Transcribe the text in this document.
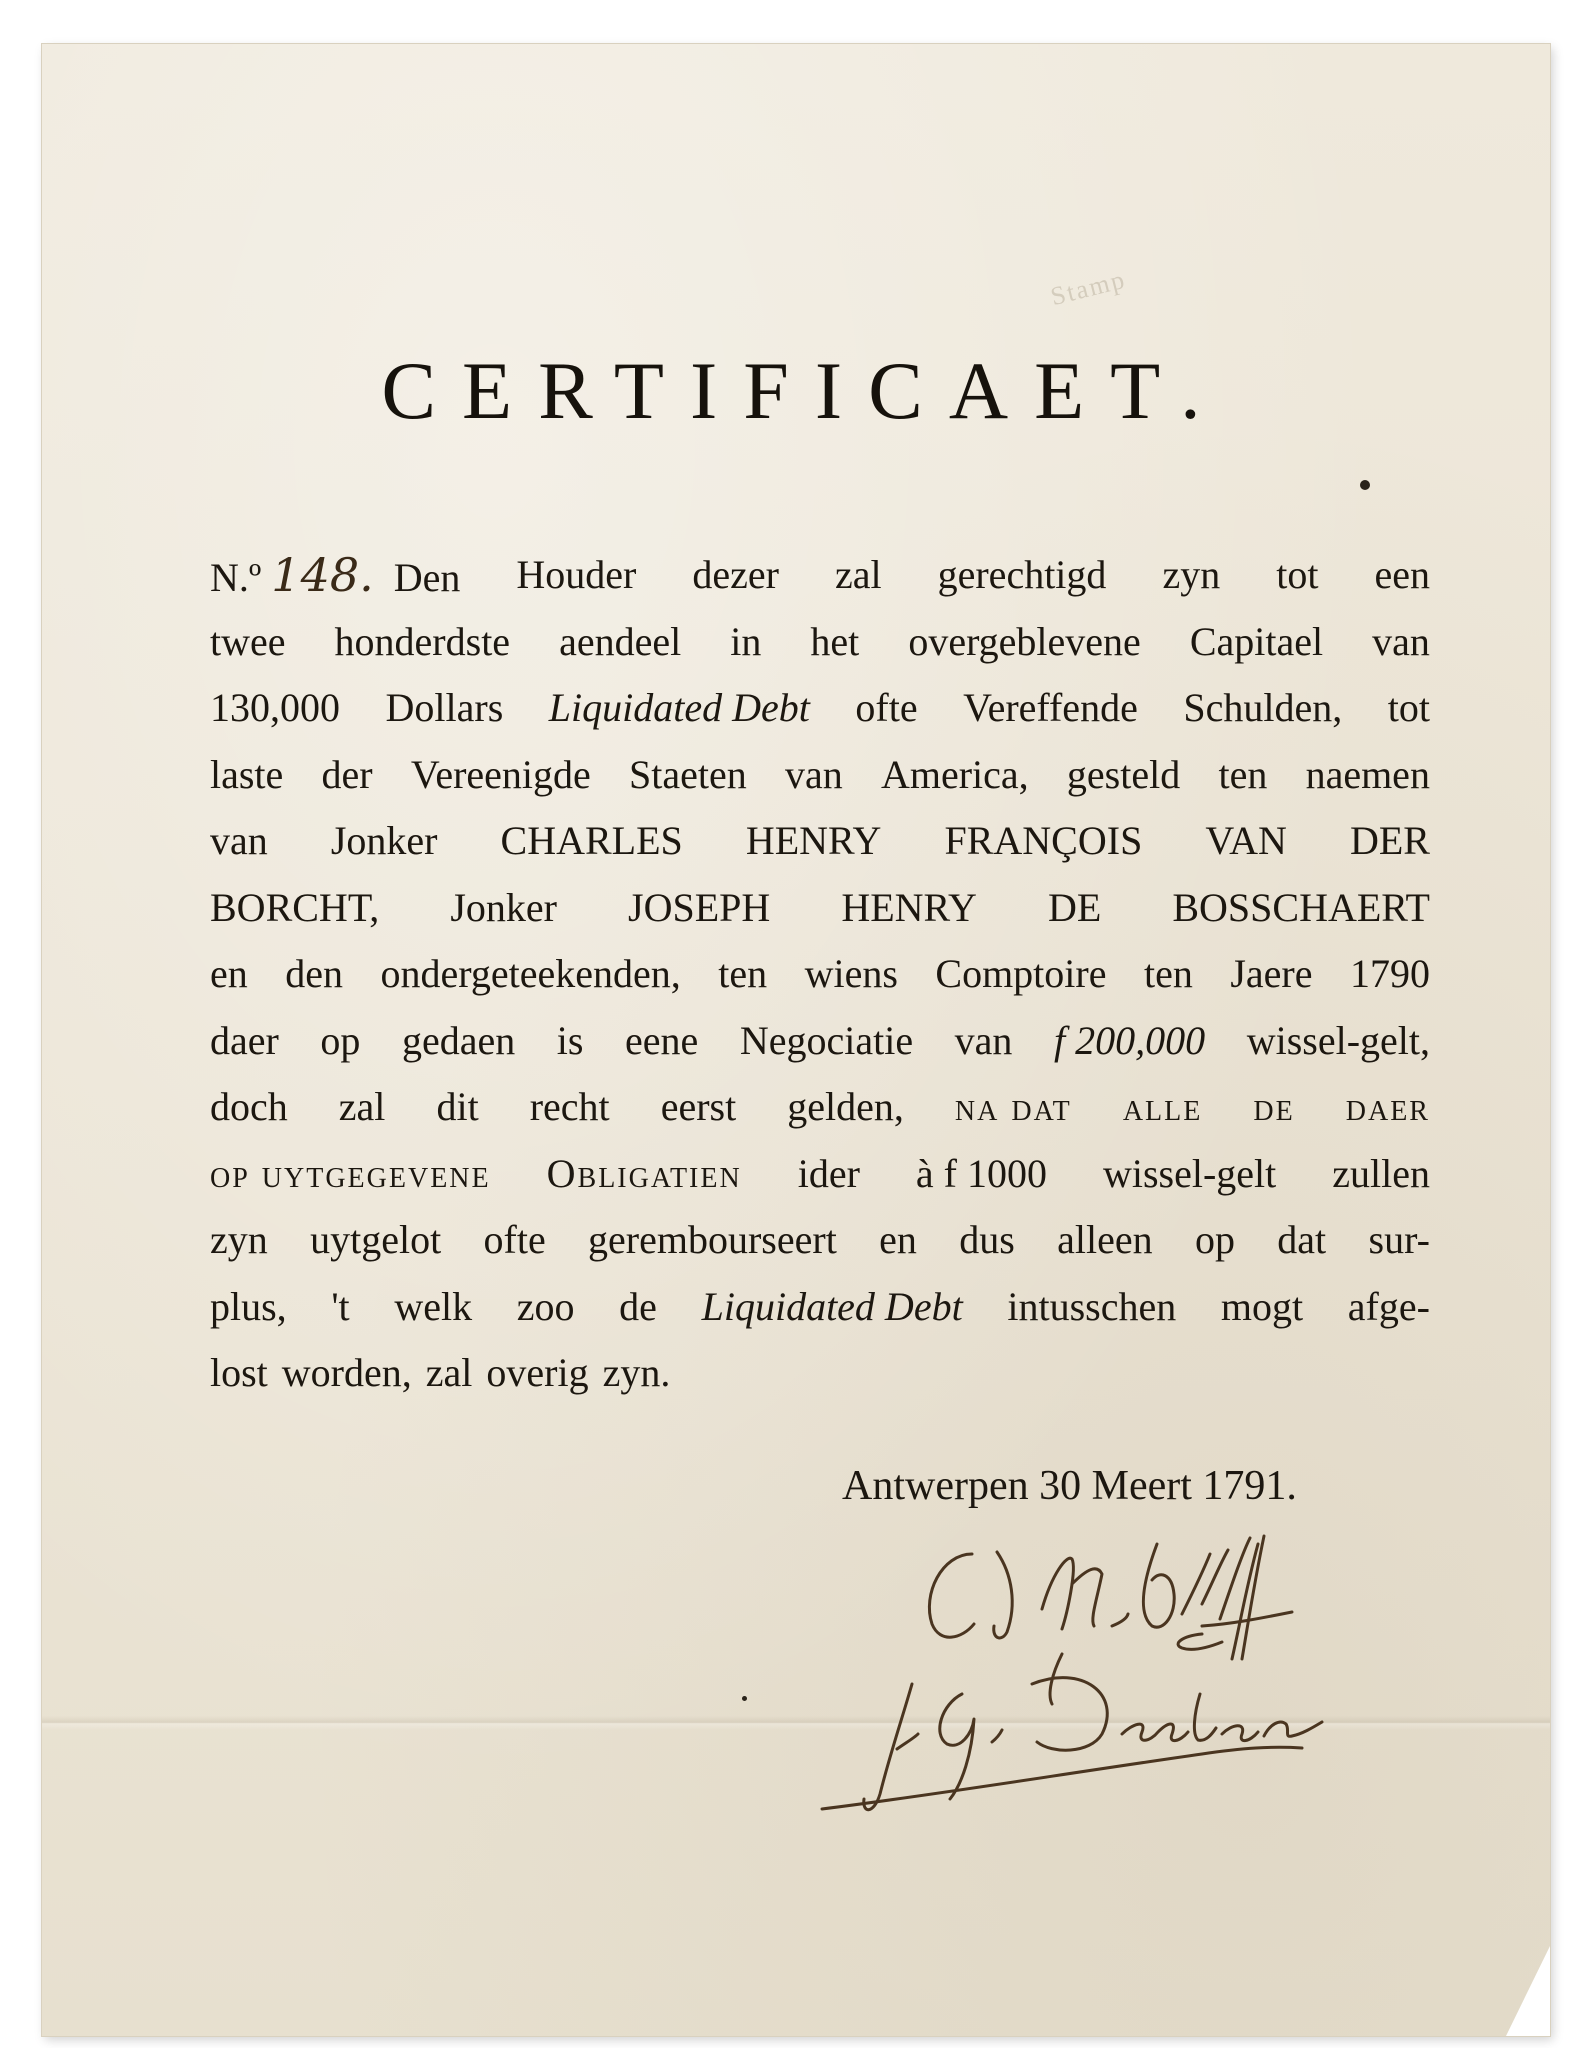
Stamp
CERTIFICAET.
N.º 148. Den Houder dezer zal gerechtigd zyn tot een
twee honderdste aendeel in het overgeblevene Capitael van
130,000 Dollars Liquidated Debt ofte Vereffende Schulden, tot
laste der Vereenigde Staeten van America, gesteld ten naemen
van Jonker CHARLES HENRY FRANÇOIS VAN DER
BORCHT, Jonker JOSEPH HENRY DE BOSSCHAERT
en den ondergeteekenden, ten wiens Comptoire ten Jaere 1790
daer op gedaen is eene Negociatie van f 200,000 wissel-gelt,
doch zal dit recht eerst gelden, na dat alle de daer
op uytgegevene Obligatien ider à f 1000 wissel-gelt zullen
zyn uytgelot ofte gerembourseert en dus alleen op dat sur-
plus, 't welk zoo de Liquidated Debt intusschen mogt afge-
lost worden, zal overig zyn.
Antwerpen 30 Meert 1791.
